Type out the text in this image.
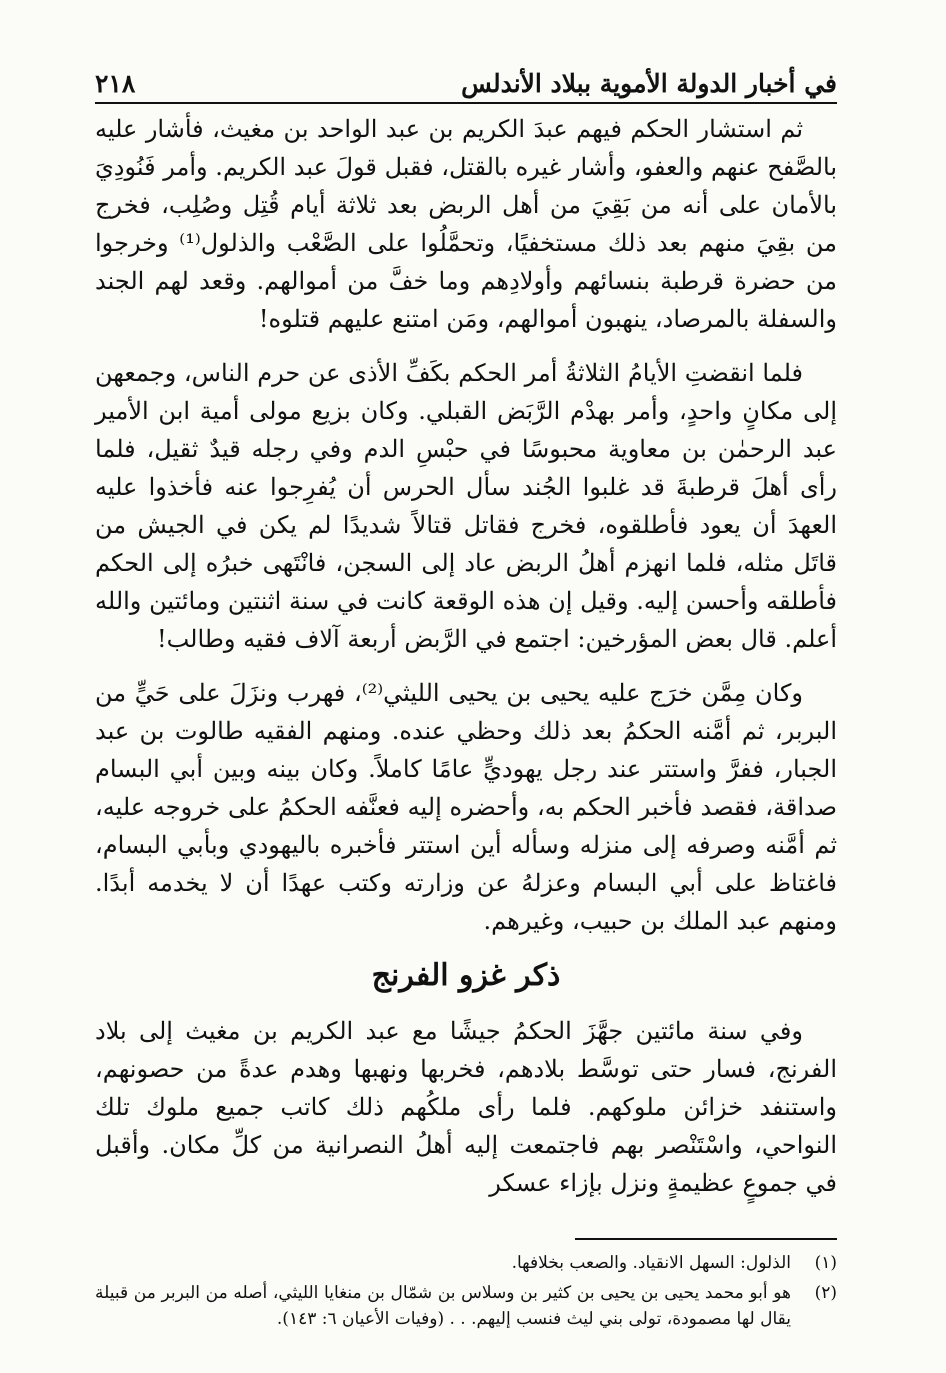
في أخبار الدولة الأموية ببلاد الأندلس
٢١٨

ثم استشار الحكم فيهم عبدَ الكريم بن عبد الواحد بن مغيث، فأشار عليه بالصَّفح عنهم والعفو، وأشار غيره بالقتل، فقبل قولَ عبد الكريم. وأمر فَنُودِيَ بالأمان على أنه من بَقِيَ من أهل الربض بعد ثلاثة أيام قُتِل وصُلِب، فخرج من بقِيَ منهم بعد ذلك مستخفيًا، وتحمَّلُوا على الصَّعْب والذلول⁽¹⁾ وخرجوا من حضرة قرطبة بنسائهم وأولادِهم وما خفَّ من أموالهم. وقعد لهم الجند والسفلة بالمرصاد، ينهبون أموالهم، ومَن امتنع عليهم قتلوه!

فلما انقضتِ الأيامُ الثلاثةُ أمر الحكم بكَفِّ الأذى عن حرم الناس، وجمعهن إلى مكانٍ واحدٍ، وأمر بهدْم الرَّبَض القبلي. وكان بزيع مولى أمية ابن الأمير عبد الرحمٰن بن معاوية محبوسًا في حبْسِ الدم وفي رجله قيدٌ ثقيل، فلما رأى أهلَ قرطبةَ قد غلبوا الجُند سأل الحرس أن يُفرِجوا عنه فأخذوا عليه العهدَ أن يعود فأطلقوه، فخرج فقاتل قتالاً شديدًا لم يكن في الجيش من قاتَل مثله، فلما انهزم أهلُ الربض عاد إلى السجن، فانْتَهى خبرُه إلى الحكم فأطلقه وأحسن إليه. وقيل إن هذه الوقعة كانت في سنة اثنتين ومائتين والله أعلم. قال بعض المؤرخين: اجتمع في الرَّبض أربعة آلاف فقيه وطالب!

وكان مِمَّن خرَج عليه يحيى بن يحيى الليثي⁽²⁾، فهرب ونزَلَ على حَيٍّ من البربر، ثم أمَّنه الحكمُ بعد ذلك وحظي عنده. ومنهم الفقيه طالوت بن عبد الجبار، ففرَّ واستتر عند رجل يهوديٍّ عامًا كاملاً. وكان بينه وبين أبي البسام صداقة، فقصد فأخبر الحكم به، وأحضره إليه فعنَّفه الحكمُ على خروجه عليه، ثم أمَّنه وصرفه إلى منزله وسأله أين استتر فأخبره باليهودي وبأبي البسام، فاغتاظ على أبي البسام وعزلهُ عن وزارته وكتب عهدًا أن لا يخدمه أبدًا. ومنهم عبد الملك بن حبيب، وغيرهم.

ذكر غزو الفرنج

وفي سنة مائتين جهَّزَ الحكمُ جيشًا مع عبد الكريم بن مغيث إلى بلاد الفرنج، فسار حتى توسَّط بلادهم، فخربها ونهبها وهدم عدةً من حصونهم، واستنفد خزائن ملوكهم. فلما رأى ملكُهم ذلك كاتب جميع ملوك تلك النواحي، واسْتَنْصر بهم فاجتمعت إليه أهلُ النصرانية من كلِّ مكان. وأقبل في جموعٍ عظيمةٍ ونزل بإزاء عسكر

(١)
الذلول: السهل الانقياد. والصعب بخلافها.
(٢)
هو أبو محمد يحيى بن يحيى بن كثير بن وسلاس بن شمّال بن منغايا الليثي، أصله من البربر من قبيلة يقال لها مصمودة، تولى بني ليث فنسب إليهم. . . (وفيات الأعيان ٦: ١٤٣).
